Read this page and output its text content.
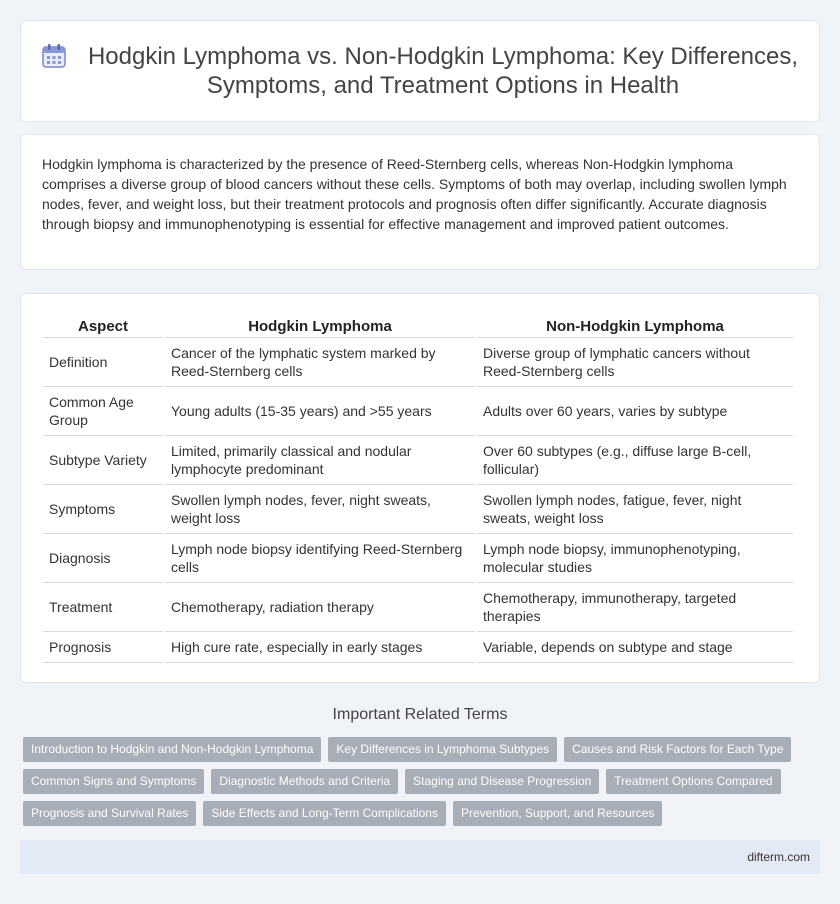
Hodgkin Lymphoma vs. Non-Hodgkin Lymphoma: Key Differences, Symptoms, and Treatment Options in Health

Hodgkin lymphoma is characterized by the presence of Reed-Sternberg cells, whereas Non-Hodgkin lymphoma comprises a diverse group of blood cancers without these cells. Symptoms of both may overlap, including swollen lymph nodes, fever, and weight loss, but their treatment protocols and prognosis often differ significantly. Accurate diagnosis through biopsy and immunophenotyping is essential for effective management and improved patient outcomes.

Aspect	Hodgkin Lymphoma	Non-Hodgkin Lymphoma
Definition	Cancer of the lymphatic system marked by Reed-Sternberg cells	Diverse group of lymphatic cancers without Reed-Sternberg cells
Common Age Group	Young adults (15-35 years) and >55 years	Adults over 60 years, varies by subtype
Subtype Variety	Limited, primarily classical and nodular lymphocyte predominant	Over 60 subtypes (e.g., diffuse large B-cell, follicular)
Symptoms	Swollen lymph nodes, fever, night sweats, weight loss	Swollen lymph nodes, fatigue, fever, night sweats, weight loss
Diagnosis	Lymph node biopsy identifying Reed-Sternberg cells	Lymph node biopsy, immunophenotyping, molecular studies
Treatment	Chemotherapy, radiation therapy	Chemotherapy, immunotherapy, targeted therapies
Prognosis	High cure rate, especially in early stages	Variable, depends on subtype and stage
Important Related Terms
Introduction to Hodgkin and Non-Hodgkin Lymphoma Key Differences in Lymphoma Subtypes Causes and Risk Factors for Each Type
Common Signs and Symptoms Diagnostic Methods and Criteria Staging and Disease Progression Treatment Options Compared
Prognosis and Survival Rates Side Effects and Long-Term Complications Prevention, Support, and Resources
difterm.com
